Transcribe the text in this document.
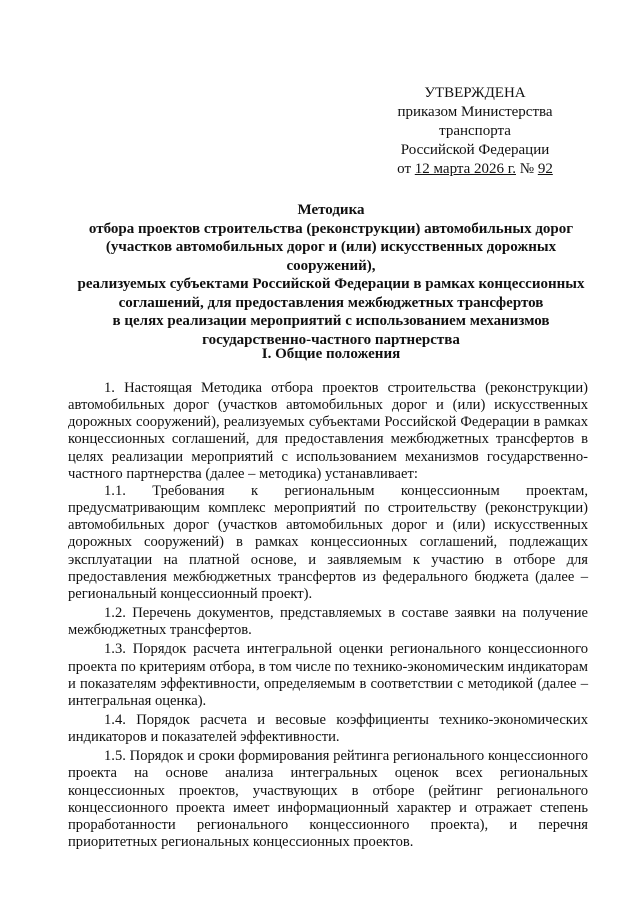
УТВЕРЖДЕНА
приказом Министерства транспорта
Российской Федерации
от 12 марта 2026 г. № 92
Методика
отбора проектов строительства (реконструкции) автомобильных дорог
(участков автомобильных дорог и (или) искусственных дорожных сооружений),
реализуемых субъектами Российской Федерации в рамках концессионных
соглашений, для предоставления межбюджетных трансфертов
в целях реализации мероприятий с использованием механизмов
государственно-частного партнерства
I. Общие положения

1. Настоящая Методика отбора проектов строительства (реконструкции) автомобильных дорог (участков автомобильных дорог и (или) искусственных дорожных сооружений), реализуемых субъектами Российской Федерации в рамках концессионных соглашений, для предоставления межбюджетных трансфертов в целях реализации мероприятий с использованием механизмов государственно-частного партнерства (далее – методика) устанавливает:

1.1. Требования к региональным концессионным проектам, предусматривающим комплекс мероприятий по строительству (реконструкции) автомобильных дорог (участков автомобильных дорог и (или) искусственных дорожных сооружений) в рамках концессионных соглашений, подлежащих эксплуатации на платной основе, и заявляемым к участию в отборе для предоставления межбюджетных трансфертов из федерального бюджета (далее – региональный концессионный проект).

1.2. Перечень документов, представляемых в составе заявки на получение межбюджетных трансфертов.

1.3. Порядок расчета интегральной оценки регионального концессионного проекта по критериям отбора, в том числе по технико-экономическим индикаторам и показателям эффективности, определяемым в соответствии с методикой (далее – интегральная оценка).

1.4. Порядок расчета и весовые коэффициенты технико-экономических индикаторов и показателей эффективности.

1.5. Порядок и сроки формирования рейтинга регионального концессионного проекта на основе анализа интегральных оценок всех региональных концессионных проектов, участвующих в отборе (рейтинг регионального концессионного проекта имеет информационный характер и отражает степень проработанности регионального концессионного проекта), и перечня приоритетных региональных концессионных проектов.
